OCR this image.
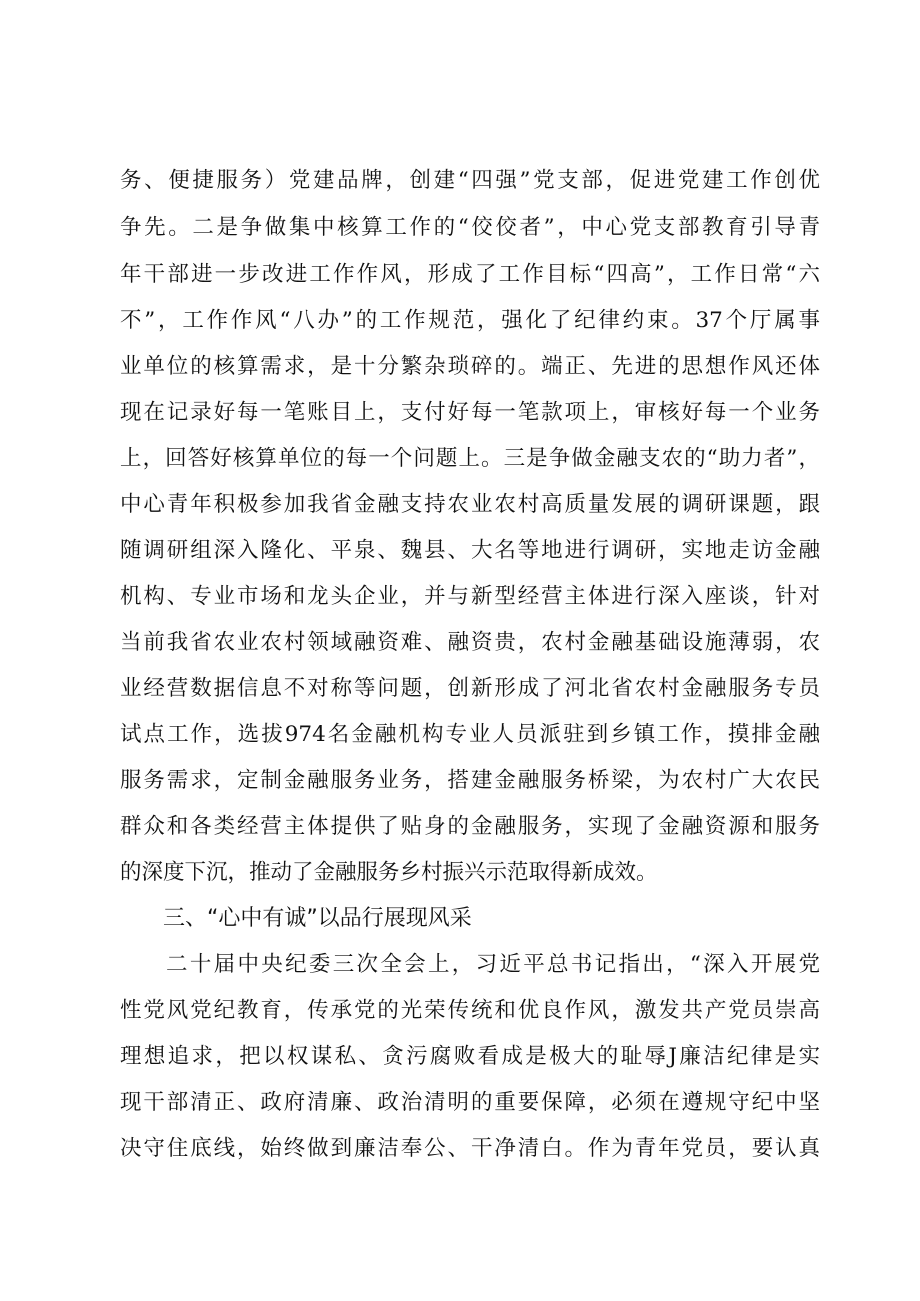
务、便捷服务）党建品牌，创建“四强”党支部，促进党建工作创优
争先。二是争做集中核算工作的“佼佼者”，中心党支部教育引导青
年干部进一步改进工作作风，形成了工作目标“四高”，工作日常“六
不”，工作作风“八办”的工作规范，强化了纪律约束。37个厅属事
业单位的核算需求，是十分繁杂琐碎的。端正、先进的思想作风还体
现在记录好每一笔账目上，支付好每一笔款项上，审核好每一个业务
上，回答好核算单位的每一个问题上。三是争做金融支农的“助力者”，
中心青年积极参加我省金融支持农业农村高质量发展的调研课题，跟
随调研组深入隆化、平泉、魏县、大名等地进行调研，实地走访金融
机构、专业市场和龙头企业，并与新型经营主体进行深入座谈，针对
当前我省农业农村领域融资难、融资贵，农村金融基础设施薄弱，农
业经营数据信息不对称等问题，创新形成了河北省农村金融服务专员
试点工作，选拔974名金融机构专业人员派驻到乡镇工作，摸排金融
服务需求，定制金融服务业务，搭建金融服务桥梁，为农村广大农民
群众和各类经营主体提供了贴身的金融服务，实现了金融资源和服务
的深度下沉，推动了金融服务乡村振兴示范取得新成效。
三、“心中有诚”以品行展现风采
二十届中央纪委三次全会上，习近平总书记指出，“深入开展党
性党风党纪教育，传承党的光荣传统和优良作风，激发共产党员崇高
理想追求，把以权谋私、贪污腐败看成是极大的耻辱J廉洁纪律是实
现干部清正、政府清廉、政治清明的重要保障，必须在遵规守纪中坚
决守住底线，始终做到廉洁奉公、干净清白。作为青年党员，要认真
